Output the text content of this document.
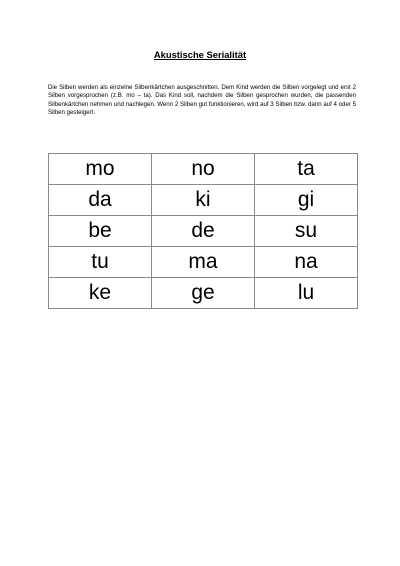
Akustische Serialität

Die Silben werden als einzelne Silbenkärtchen ausgeschnitten. Dem Kind werden die Silben vorgelegt und erst 2 Silben vorgesprochen (z.B. mo – ta). Das Kind soll, nachdem die Silben gesprochen wurden, die passenden Silbenkärtchen nehmen und nachlegen. Wenn 2 Silben gut funktionieren, wird auf 3 Silben bzw. dann auf 4 oder 5 Silben gesteigert.

mo	no	ta
da	ki	gi
be	de	su
tu	ma	na
ke	ge	lu
